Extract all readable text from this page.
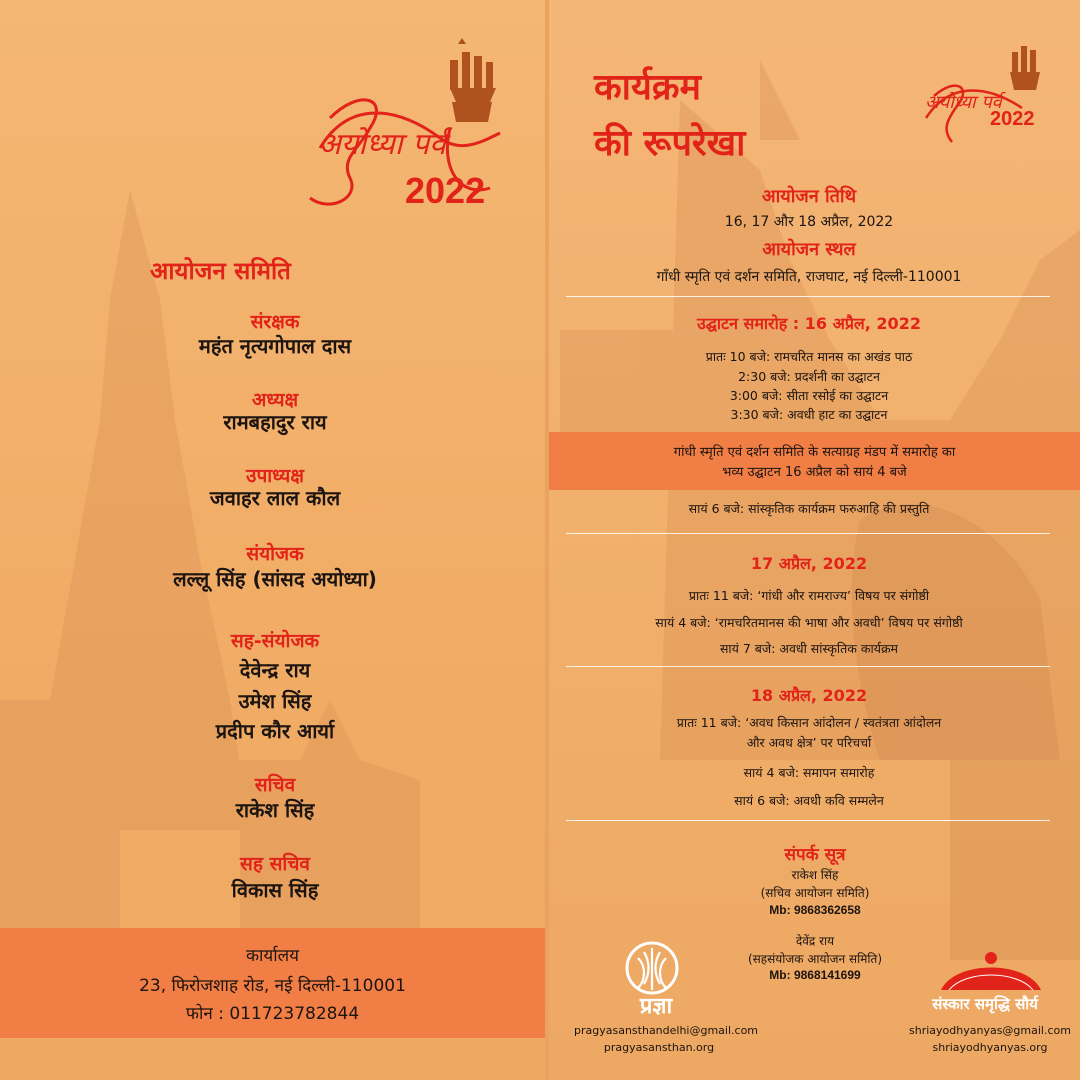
अयोध्या पर्व
2022
अयोध्या पर्व
2022
आयोजन समिति
संरक्षक
महंत नृत्यगोपाल दास
अध्यक्ष
रामबहादुर राय
उपाध्यक्ष
जवाहर लाल कौल
संयोजक
लल्लू सिंह (सांसद अयोध्या)
सह-संयोजक
देवेन्द्र राय
उमेश सिंह
प्रदीप कौर आर्या
सचिव
राकेश सिंह
सह सचिव
विकास सिंह
कार्यालय
23, फिरोजशाह रोड, नई दिल्ली-110001
फोन : 011723782844
कार्यक्रम
की रूपरेखा
आयोजन तिथि
16, 17 और 18 अप्रैल, 2022
आयोजन स्थल
गाँधी स्मृति एवं दर्शन समिति, राजघाट, नई दिल्ली-110001
उद्घाटन समारोह : 16 अप्रैल, 2022
प्रातः 10 बजे: रामचरित मानस का अखंड पाठ
2:30 बजे: प्रदर्शनी का उद्घाटन
3:00 बजे: सीता रसोई का उद्घाटन
3:30 बजे: अवधी हाट का उद्घाटन
गांधी स्मृति एवं दर्शन समिति के सत्याग्रह मंडप में समारोह का
भव्य उद्घाटन 16 अप्रैल को सायं 4 बजे
सायं 6 बजे: सांस्कृतिक कार्यक्रम फरुआहि की प्रस्तुति
17 अप्रैल, 2022
प्रातः 11 बजे: ‘गांधी और रामराज्य’ विषय पर संगोष्ठी
सायं 4 बजे: ‘रामचरितमानस की भाषा और अवधी’ विषय पर संगोष्ठी
सायं 7 बजे: अवधी सांस्कृतिक कार्यक्रम
18 अप्रैल, 2022
प्रातः 11 बजे: ‘अवध किसान आंदोलन / स्वतंत्रता आंदोलन
और अवध क्षेत्र’ पर परिचर्चा
सायं 4 बजे: समापन समारोह
सायं 6 बजे: अवधी कवि सम्मलेन
संपर्क सूत्र
राकेश सिंह
(सचिव आयोजन समिति)
Mb: 9868362658
देवेंद्र राय
(सहसंयोजक आयोजन समिति)
Mb: 9868141699
प्रज्ञा
pragyasansthandelhi@gmail.com
pragyasansthan.org
संस्कार समृद्धि सौर्य
shriayodhyanyas@gmail.com
shriayodhyanyas.org
